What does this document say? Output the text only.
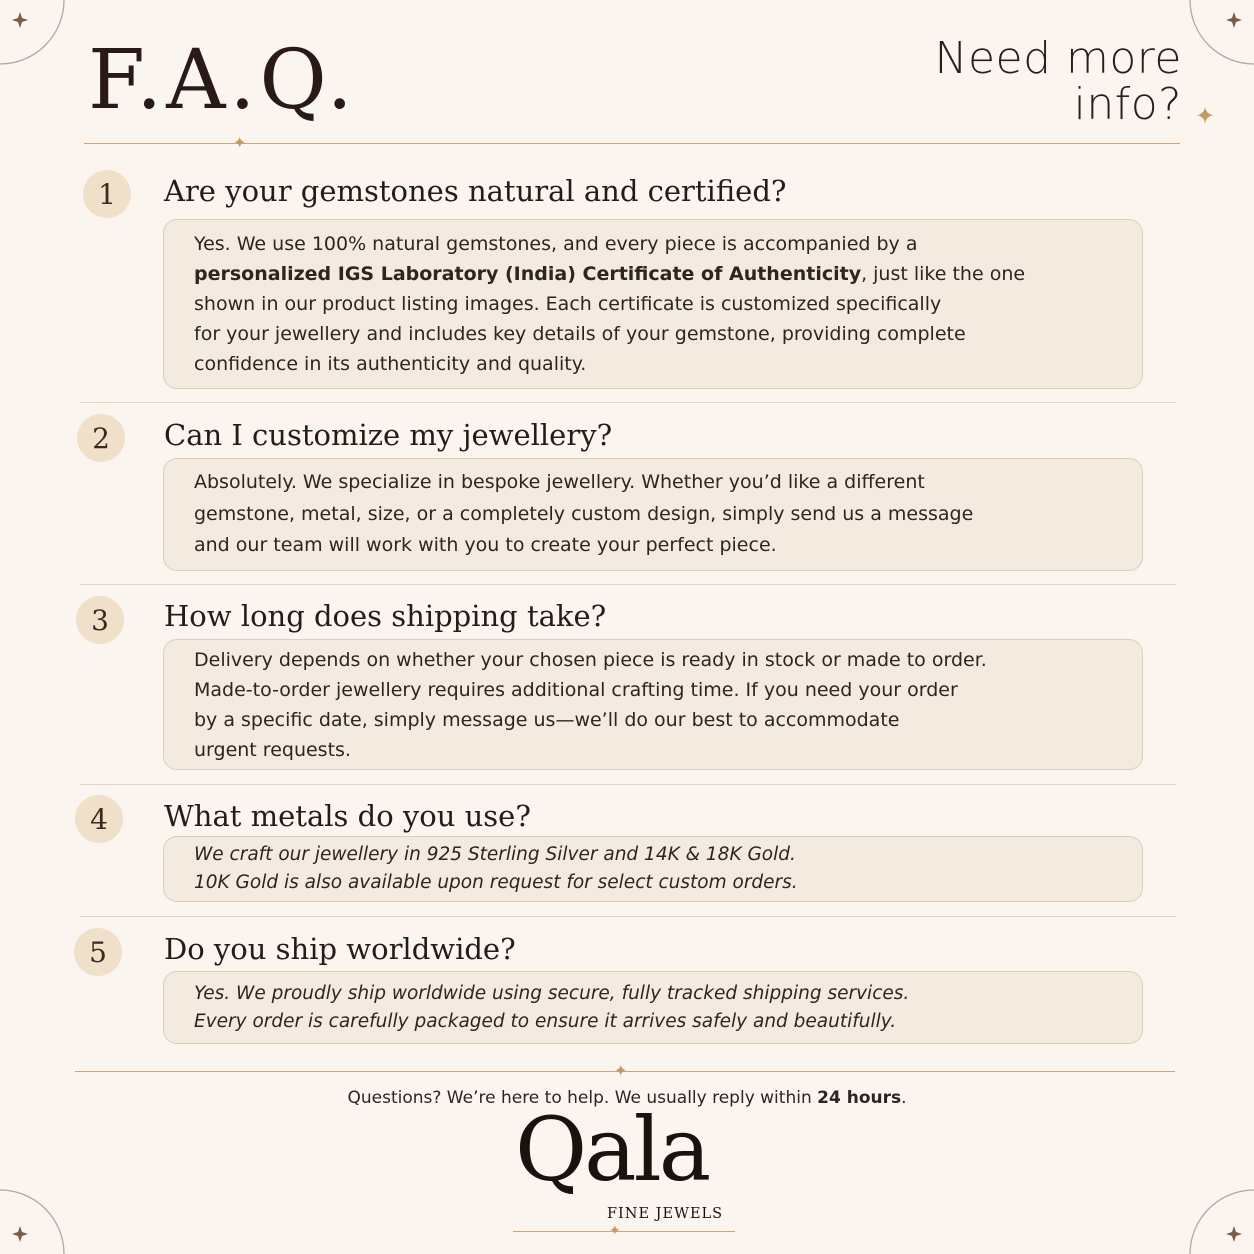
F.A.Q.	Need more
info? ✦
✦
1	Are your gemstones natural and certified?

Yes. We use 100% natural gemstones, and every piece is accompanied by a

personalized IGS Laboratory (India) Certificate of Authenticity, just like the one

shown in our product listing images. Each certificate is customized specifically

for your jewellery and includes key details of your gemstone, providing complete

confidence in its authenticity and quality.

2	Can I customize my jewellery?

Absolutely. We specialize in bespoke jewellery. Whether you’d like a different

gemstone, metal, size, or a completely custom design, simply send us a message

and our team will work with you to create your perfect piece.

3	How long does shipping take?

Delivery depends on whether your chosen piece is ready in stock or made to order.

Made-to-order jewellery requires additional crafting time. If you need your order

by a specific date, simply message us—we’ll do our best to accommodate

urgent requests.

4	What metals do you use?

We craft our jewellery in 925 Sterling Silver and 14K & 18K Gold.

10K Gold is also available upon request for select custom orders.

5	Do you ship worldwide?

Yes. We proudly ship worldwide using secure, fully tracked shipping services.

Every order is carefully packaged to ensure it arrives safely and beautifully.

✦
Questions? We’re here to help. We usually reply within 24 hours.
Qala
FINE JEWELS
✦
